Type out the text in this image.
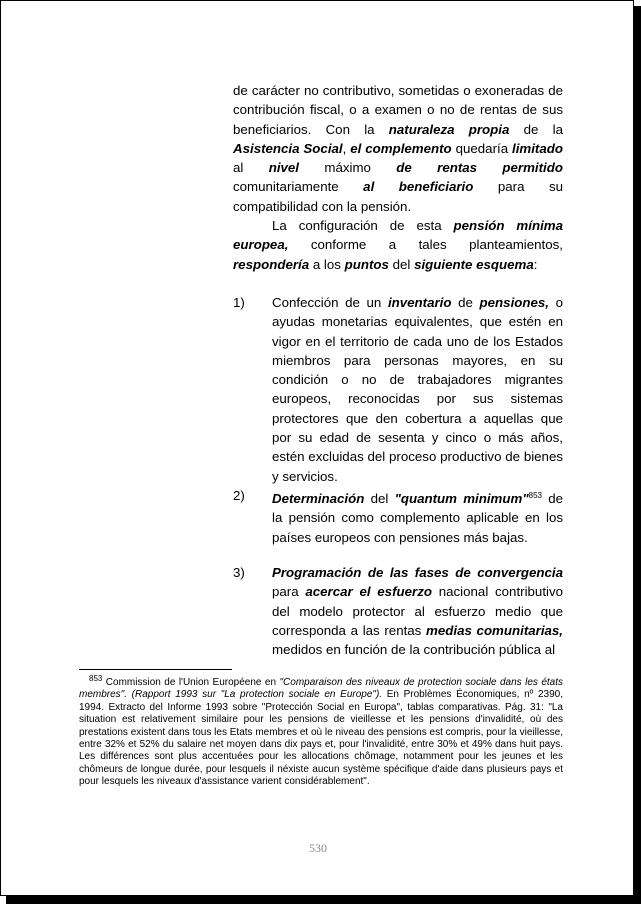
de carácter no contributivo, sometidas o exoneradas de contribución fiscal, o a examen o no de rentas de sus beneficiarios. Con la naturaleza propia de la Asistencia Social, el complemento quedaría limitado al nivel máximo de rentas permitido comunitariamente al beneficiario para su compatibilidad con la pensión.
La configuración de esta pensión mínima europea, conforme a tales planteamientos, respondería a los puntos del siguiente esquema:
1) Confección de un inventario de pensiones, o ayudas monetarias equivalentes, que estén en vigor en el territorio de cada uno de los Estados miembros para personas mayores, en su condición o no de trabajadores migrantes europeos, reconocidas por sus sistemas protectores que den cobertura a aquellas que por su edad de sesenta y cinco o más años, estén excluidas del proceso productivo de bienes y servicios.
2) Determinación del "quantum minimum"$^{853}$ de la pensión como complemento aplicable en los países europeos con pensiones más bajas.
3) Programación de las fases de convergencia para acercar el esfuerzo nacional contributivo del modelo protector al esfuerzo medio que corresponda a las rentas medias comunitarias, medidos en función de la contribución pública al
$^{853}$ Commission de l'Union Européene en "Comparaison des niveaux de protection sociale dans les états membres". (Rapport 1993 sur "La protection sociale en Europe"). En Problèmes Économiques, nº 2390, 1994. Extracto del Informe 1993 sobre "Protección Social en Europa", tablas comparativas. Pág. 31: "La situation est relativement similaire pour les pensions de vieillesse et les pensions d'invalidité, où des prestations existent dans tous les Etats membres et où le niveau des pensions est compris, pour la vieillesse, entre 32% et 52% du salaire net moyen dans dix pays et, pour l'invalidité, entre 30% et 49% dans huit pays. Les différences sont plus accentuées pour les allocations chômage, notamment pour les jeunes et les chômeurs de longue durée, pour lesquels il néxiste aucun système spécifique d'aide dans plusieurs pays et pour lesquels les niveaux d'assistance varient considérablement".
530
